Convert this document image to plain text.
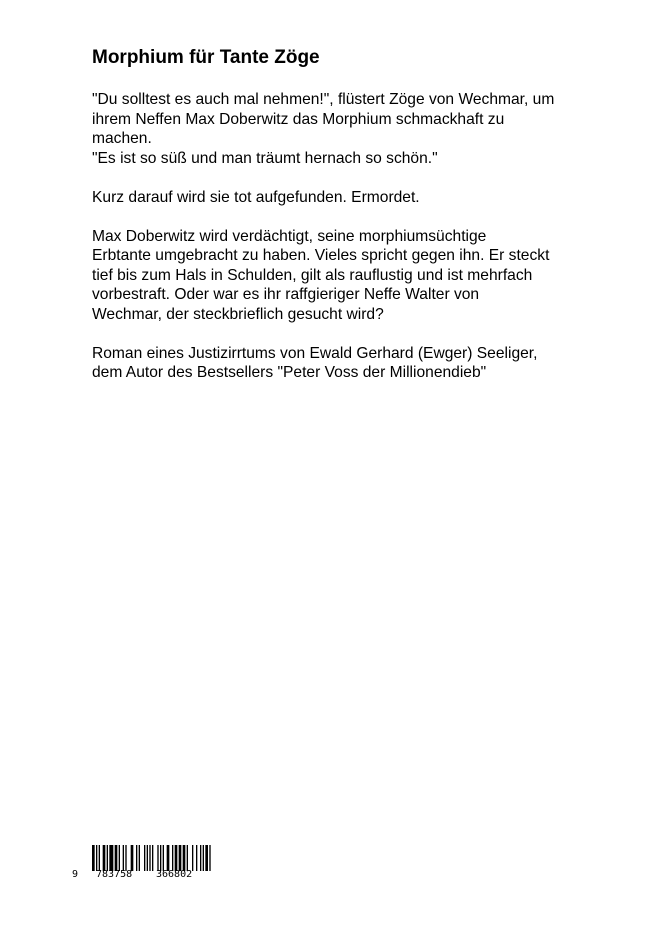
Morphium für Tante Zöge

"Du solltest es auch mal nehmen!", flüstert Zöge von Wechmar, um
ihrem Neffen Max Doberwitz das Morphium schmackhaft zu
machen.
"Es ist so süß und man träumt hernach so schön."

Kurz darauf wird sie tot aufgefunden. Ermordet.

Max Doberwitz wird verdächtigt, seine morphiumsüchtige
Erbtante umgebracht zu haben. Vieles spricht gegen ihn. Er steckt
tief bis zum Hals in Schulden, gilt als rauflustig und ist mehrfach
vorbestraft. Oder war es ihr raffgieriger Neffe Walter von
Wechmar, der steckbrieflich gesucht wird?

Roman eines Justizirrtums von Ewald Gerhard (Ewger) Seeliger,
dem Autor des Bestsellers "Peter Voss der Millionendieb"

9

783758

366802
